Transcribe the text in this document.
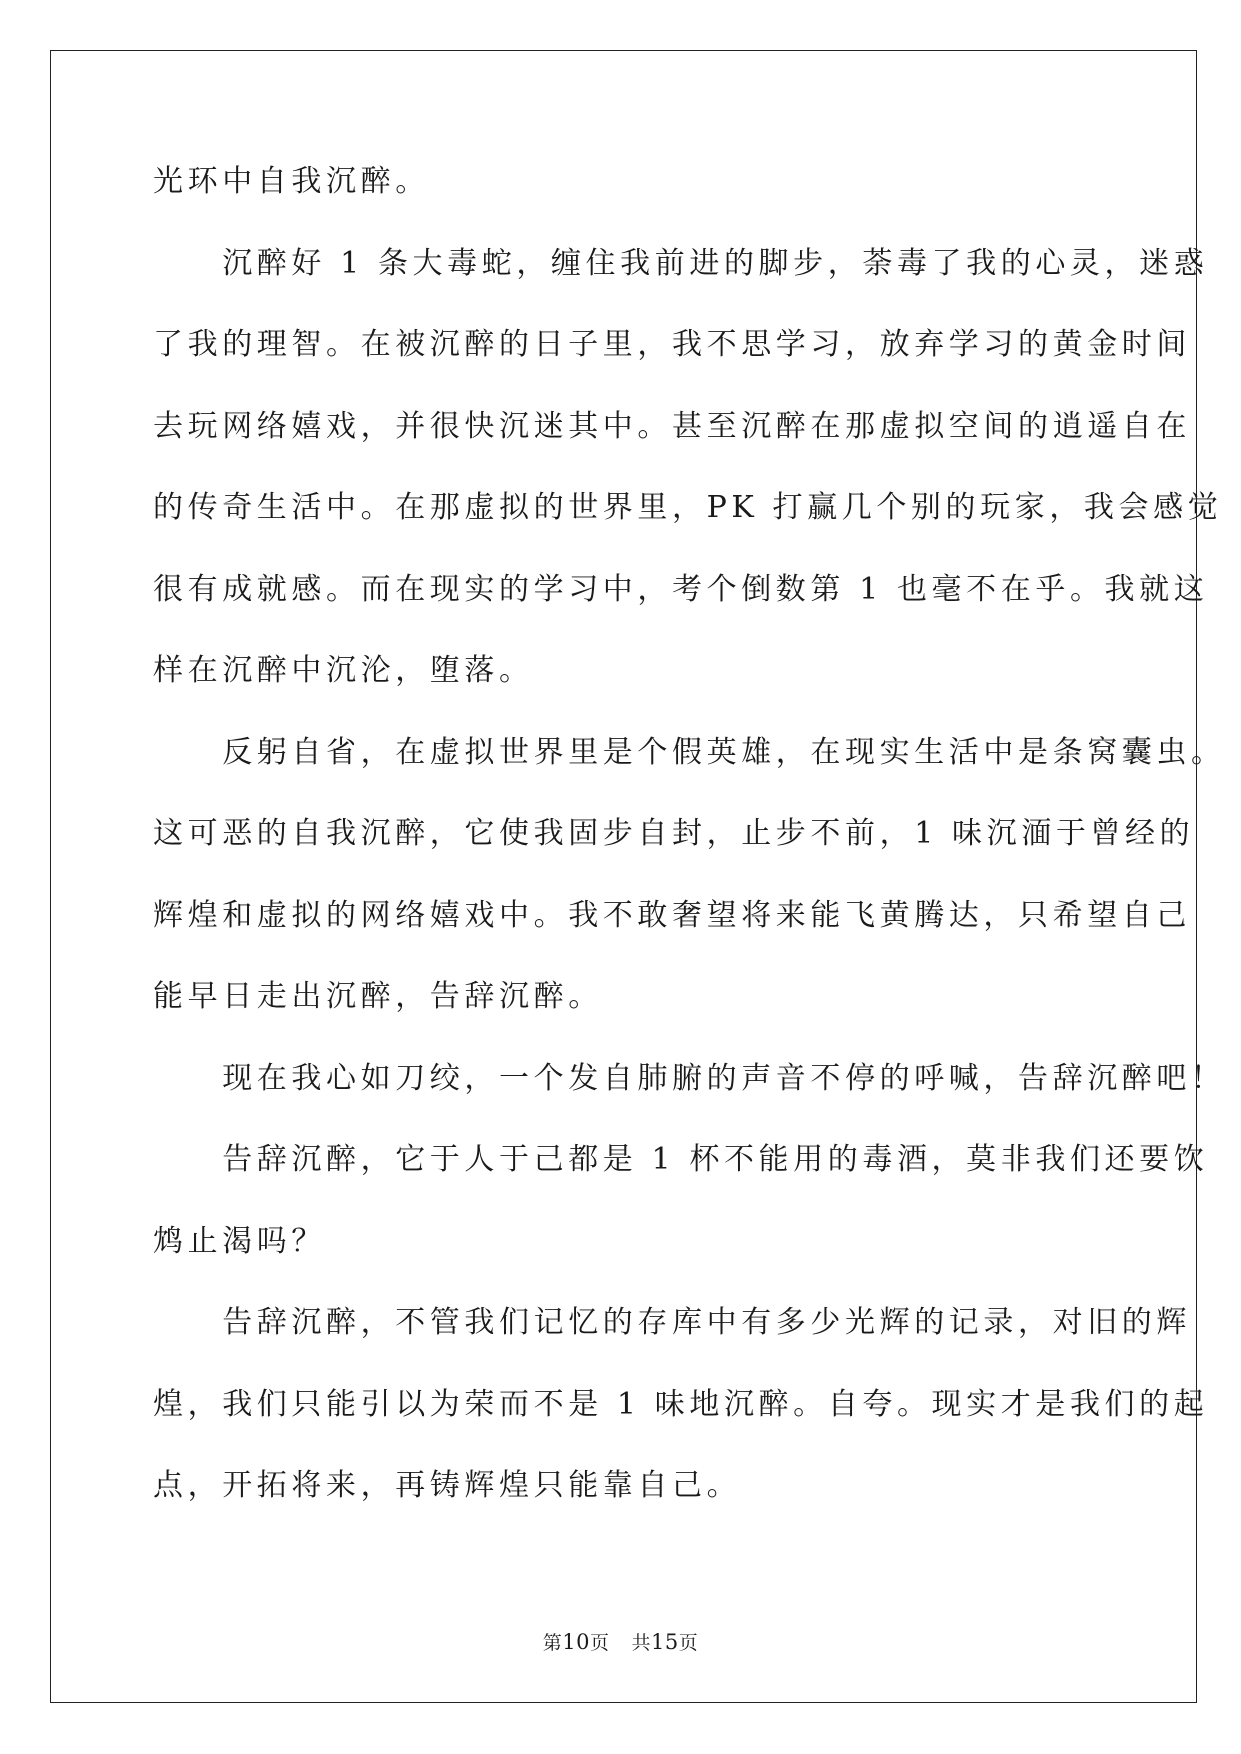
光环中自我沉醉。
　　沉醉好 1 条大毒蛇，缠住我前进的脚步，荼毒了我的心灵，迷惑
了我的理智。在被沉醉的日子里，我不思学习，放弃学习的黄金时间
去玩网络嬉戏，并很快沉迷其中。甚至沉醉在那虚拟空间的逍遥自在
的传奇生活中。在那虚拟的世界里，PK 打赢几个别的玩家，我会感觉
很有成就感。而在现实的学习中，考个倒数第 1 也毫不在乎。我就这
样在沉醉中沉沦，堕落。
　　反躬自省，在虚拟世界里是个假英雄，在现实生活中是条窝囊虫。
这可恶的自我沉醉，它使我固步自封，止步不前，1 味沉湎于曾经的
辉煌和虚拟的网络嬉戏中。我不敢奢望将来能飞黄腾达，只希望自己
能早日走出沉醉，告辞沉醉。
　　现在我心如刀绞，一个发自肺腑的声音不停的呼喊，告辞沉醉吧！
　　告辞沉醉，它于人于己都是 1 杯不能用的毒酒，莫非我们还要饮
鸩止渴吗？
　　告辞沉醉，不管我们记忆的存库中有多少光辉的记录，对旧的辉
煌，我们只能引以为荣而不是 1 味地沉醉。自夸。现实才是我们的起
点，开拓将来，再铸辉煌只能靠自己。
第10页 共15页
